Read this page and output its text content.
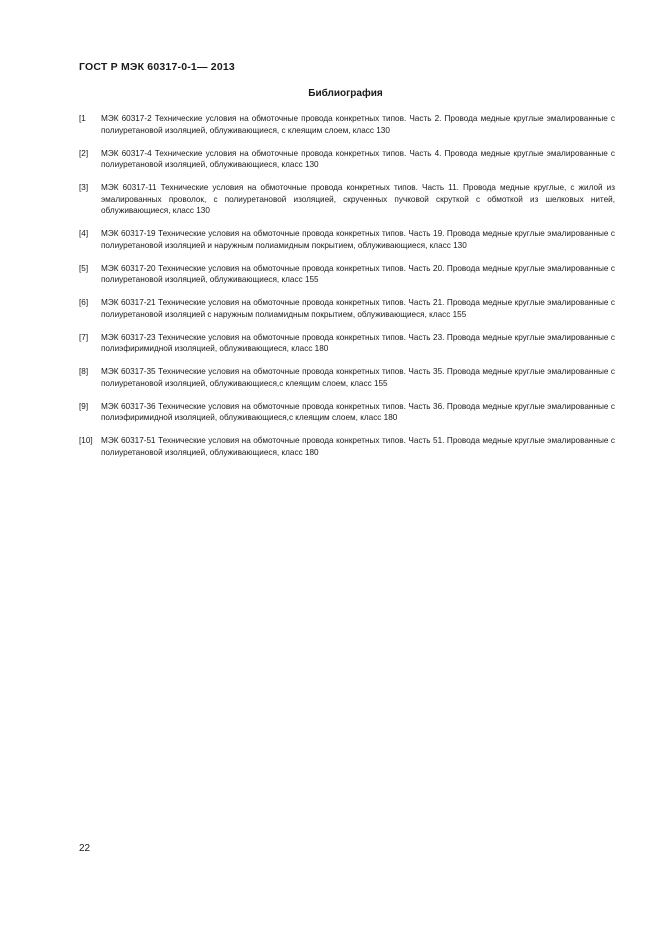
ГОСТ Р МЭК 60317-0-1— 2013
Библиография
[1	МЭК 60317-2 Технические условия на обмоточные провода конкретных типов. Часть 2. Провода медные круглые эмалированные с полиуретановой изоляцией, облуживающиеся, с клеящим слоем, класс 130
[2]	МЭК 60317-4 Технические условия на обмоточные провода конкретных типов. Часть 4. Провода медные круглые эмалированные с полиуретановой изоляцией, облуживающиеся, класс 130
[3]	МЭК 60317-11 Технические условия на обмоточные провода конкретных типов. Часть 11. Провода медные круглые, с жилой из эмалированных проволок, с полиуретановой изоляцией, скрученных пучковой скруткой с обмоткой из шелковых нитей, облуживающиеся, класс 130
[4]	МЭК 60317-19 Технические условия на обмоточные провода конкретных типов. Часть 19. Провода медные круглые эмалированные с полиуретановой изоляцией и наружным полиамидным покрытием, облуживающиеся, класс 130
[5]	МЭК 60317-20 Технические условия на обмоточные провода конкретных типов. Часть 20. Провода медные круглые эмалированные с полиуретановой изоляцией, облуживающиеся, класс 155
[6]	МЭК 60317-21 Технические условия на обмоточные провода конкретных типов. Часть 21. Провода медные круглые эмалированные с полиуретановой изоляцией с наружным полиамидным покрытием, облуживающиеся, класс 155
[7]	МЭК 60317-23 Технические условия на обмоточные провода конкретных типов. Часть 23. Провода медные круглые эмалированные с полиэфиримидной изоляцией, облуживающиеся, класс 180
[8]	МЭК 60317-35 Технические условия на обмоточные провода конкретных типов. Часть 35. Провода медные круглые эмалированные с полиуретановой изоляцией, облуживающиеся,с клеящим слоем, класс 155
[9]	МЭК 60317-36 Технические условия на обмоточные провода конкретных типов. Часть 36. Провода медные круглые эмалированные с полиэфиримидной изоляцией, облуживающиеся,с клеящим слоем, класс 180
[10]	МЭК 60317-51 Технические условия на обмоточные провода конкретных типов. Часть 51. Провода медные круглые эмалированные с полиуретановой изоляцией, облуживающиеся, класс 180
22
